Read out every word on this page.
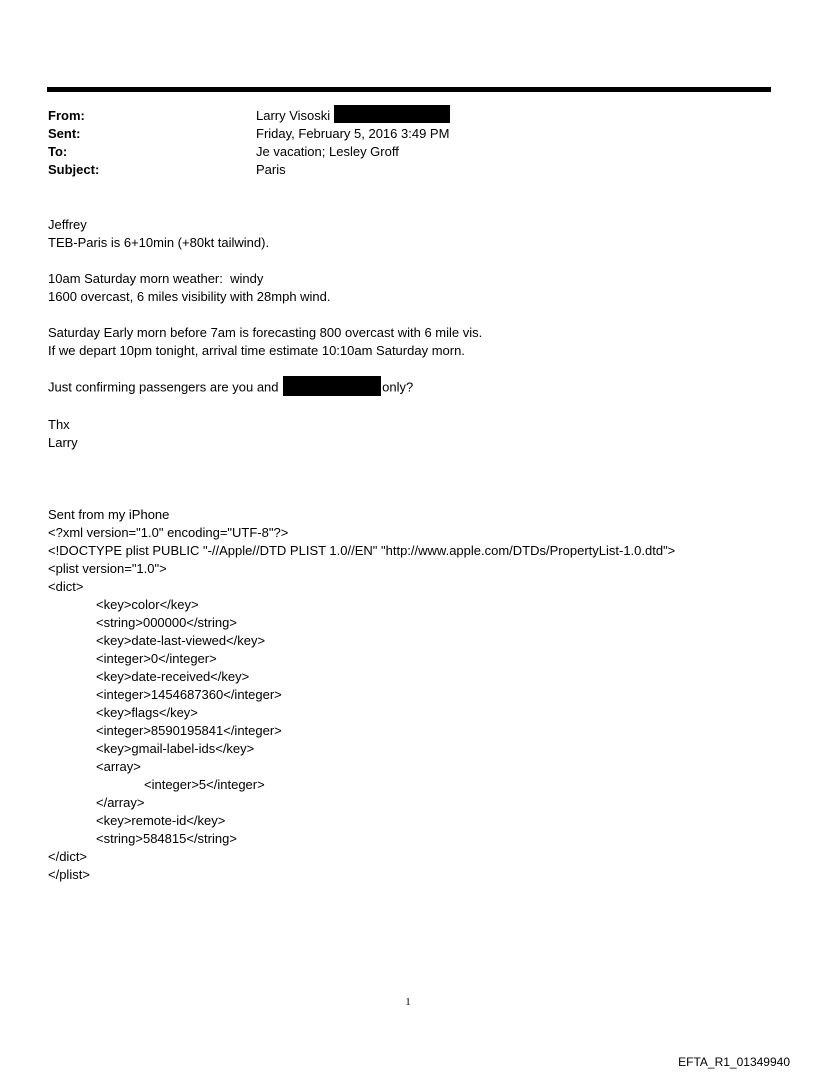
From:	Larry Visoski
Sent:	Friday, February 5, 2016 3:49 PM
To:	Je vacation; Lesley Groff
Subject:	Paris

Jeffrey

TEB-Paris is 6+10min (+80kt tailwind).

10am Saturday morn weather:  windy

1600 overcast, 6 miles visibility with 28mph wind.

Saturday Early morn before 7am is forecasting 800 overcast with 6 mile vis.

If we depart 10pm tonight, arrival time estimate 10:10am Saturday morn.

Just confirming passengers are you and	only?

Thx

Larry

Sent from my iPhone

<?xml version="1.0" encoding="UTF-8"?>

<!DOCTYPE plist PUBLIC "-//Apple//DTD PLIST 1.0//EN" "http://www.apple.com/DTDs/PropertyList-1.0.dtd">

<plist version="1.0">

<dict>

<key>color</key>

<string>000000</string>

<key>date-last-viewed</key>

<integer>0</integer>

<key>date-received</key>

<integer>1454687360</integer>

<key>flags</key>

<integer>8590195841</integer>

<key>gmail-label-ids</key>

<array>

<integer>5</integer>

</array>

<key>remote-id</key>

<string>584815</string>

</dict>

</plist>

1
EFTA_R1_01349940
